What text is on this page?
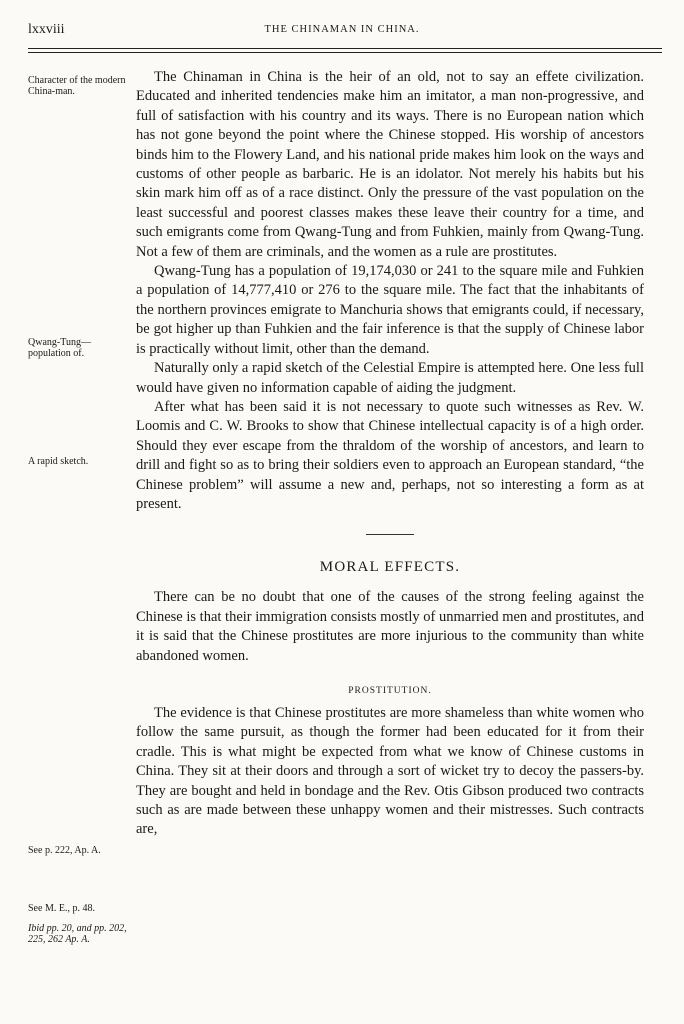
lxxviii	THE CHINAMAN IN CHINA.
Character of the modern China-man.
Qwang-Tung—population of.
A rapid sketch.
See p. 222, Ap. A.
See M. E., p. 48.
Ibid pp. 20, and pp. 202, 225, 262 Ap. A.

The Chinaman in China is the heir of an old, not to say an effete civilization. Educated and inherited tendencies make him an imitator, a man non-progressive, and full of satisfaction with his country and its ways. There is no European nation which has not gone beyond the point where the Chinese stopped. His worship of ancestors binds him to the Flowery Land, and his national pride makes him look on the ways and customs of other people as barbaric. He is an idolator. Not merely his habits but his skin mark him off as of a race distinct. Only the pressure of the vast population on the least successful and poorest classes makes these leave their country for a time, and such emigrants come from Qwang-Tung and from Fuhkien, mainly from Qwang-Tung. Not a few of them are criminals, and the women as a rule are prostitutes.

Qwang-Tung has a population of 19,174,030 or 241 to the square mile and Fuhkien a population of 14,777,410 or 276 to the square mile. The fact that the inhabitants of the northern provinces emigrate to Manchuria shows that emigrants could, if necessary, be got higher up than Fuhkien and the fair inference is that the supply of Chinese labor is practically without limit, other than the demand.

Naturally only a rapid sketch of the Celestial Empire is attempted here. One less full would have given no information capable of aiding the judgment.

After what has been said it is not necessary to quote such witnesses as Rev. W. Loomis and C. W. Brooks to show that Chinese intellectual capacity is of a high order. Should they ever escape from the thraldom of the worship of ancestors, and learn to drill and fight so as to bring their soldiers even to approach an European standard, “the Chinese problem” will assume a new and, perhaps, not so interesting a form as at present.

MORAL EFFECTS.

There can be no doubt that one of the causes of the strong feeling against the Chinese is that their immigration consists mostly of unmarried men and prostitutes, and it is said that the Chinese prostitutes are more injurious to the community than white abandoned women.

PROSTITUTION.

The evidence is that Chinese prostitutes are more shameless than white women who follow the same pursuit, as though the former had been educated for it from their cradle. This is what might be expected from what we know of Chinese customs in China. They sit at their doors and through a sort of wicket try to decoy the passers-by. They are bought and held in bondage and the Rev. Otis Gibson produced two contracts such as are made between these unhappy women and their mistresses. Such contracts are,
